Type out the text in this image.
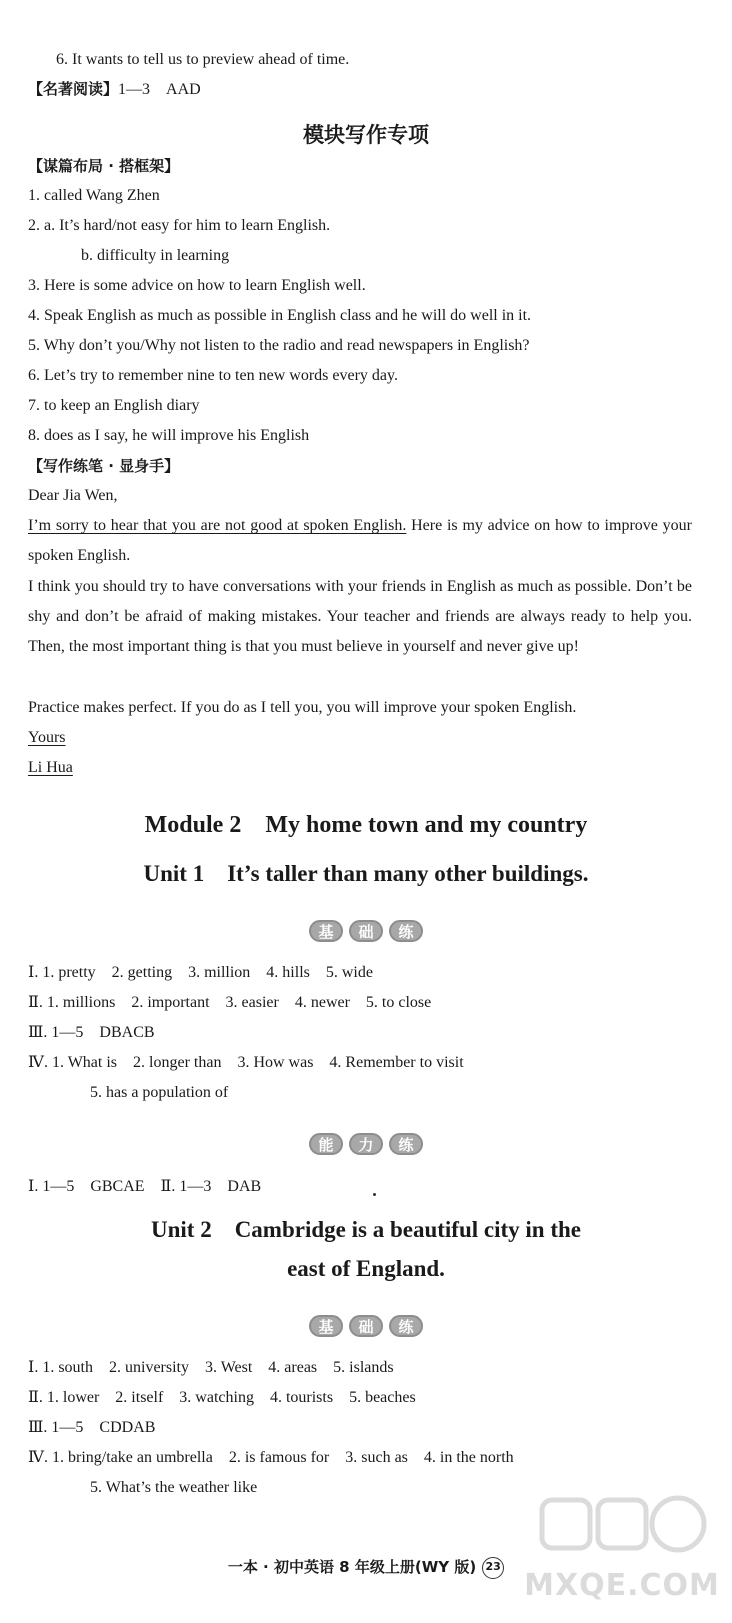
6. It wants to tell us to preview ahead of time.
【名著阅读】1—3　AAD
模块写作专项
【谋篇布局 · 搭框架】
1. called Wang Zhen
2. a. It’s hard/not easy for him to learn English.
b. difficulty in learning
3. Here is some advice on how to learn English well.
4. Speak English as much as possible in English class and he will do well in it.
5. Why don’t you/Why not listen to the radio and read newspapers in English?
6. Let’s try to remember nine to ten new words every day.
7. to keep an English diary
8. does as I say, he will improve his English
【写作练笔 · 显身手】
Dear Jia Wen,
I’m sorry to hear that you are not good at spoken English. Here is my advice on how to improve your spoken English.
I think you should try to have conversations with your friends in English as much as possible. Don’t be shy and don’t be afraid of making mistakes. Your teacher and friends are always ready to help you. Then, the most important thing is that you must believe in yourself and never give up!
Practice makes perfect. If you do as I tell you, you will improve your spoken English.
Yours
Li Hua
Module 2　My home town and my country
Unit 1　It’s taller than many other buildings.
基	础	练
Ⅰ. 1. pretty　2. getting　3. million　4. hills　5. wide
Ⅱ. 1. millions　2. important　3. easier　4. newer　5. to close
Ⅲ. 1—5　DBACB
Ⅳ. 1. What is　2. longer than　3. How was　4. Remember to visit
5. has a population of
能	力	练
Ⅰ. 1—5　GBCAE　Ⅱ. 1—3　DAB
Unit 2　Cambridge is a beautiful city in the
east of England.
基	础	练
Ⅰ. 1. south　2. university　3. West　4. areas　5. islands
Ⅱ. 1. lower　2. itself　3. watching　4. tourists　5. beaches
Ⅲ. 1—5　CDDAB
Ⅳ. 1. bring/take an umbrella　2. is famous for　3. such as　4. in the north
5. What’s the weather like
MXQE.COM
一本 · 初中英语 8 年级上册(WY 版) 23
